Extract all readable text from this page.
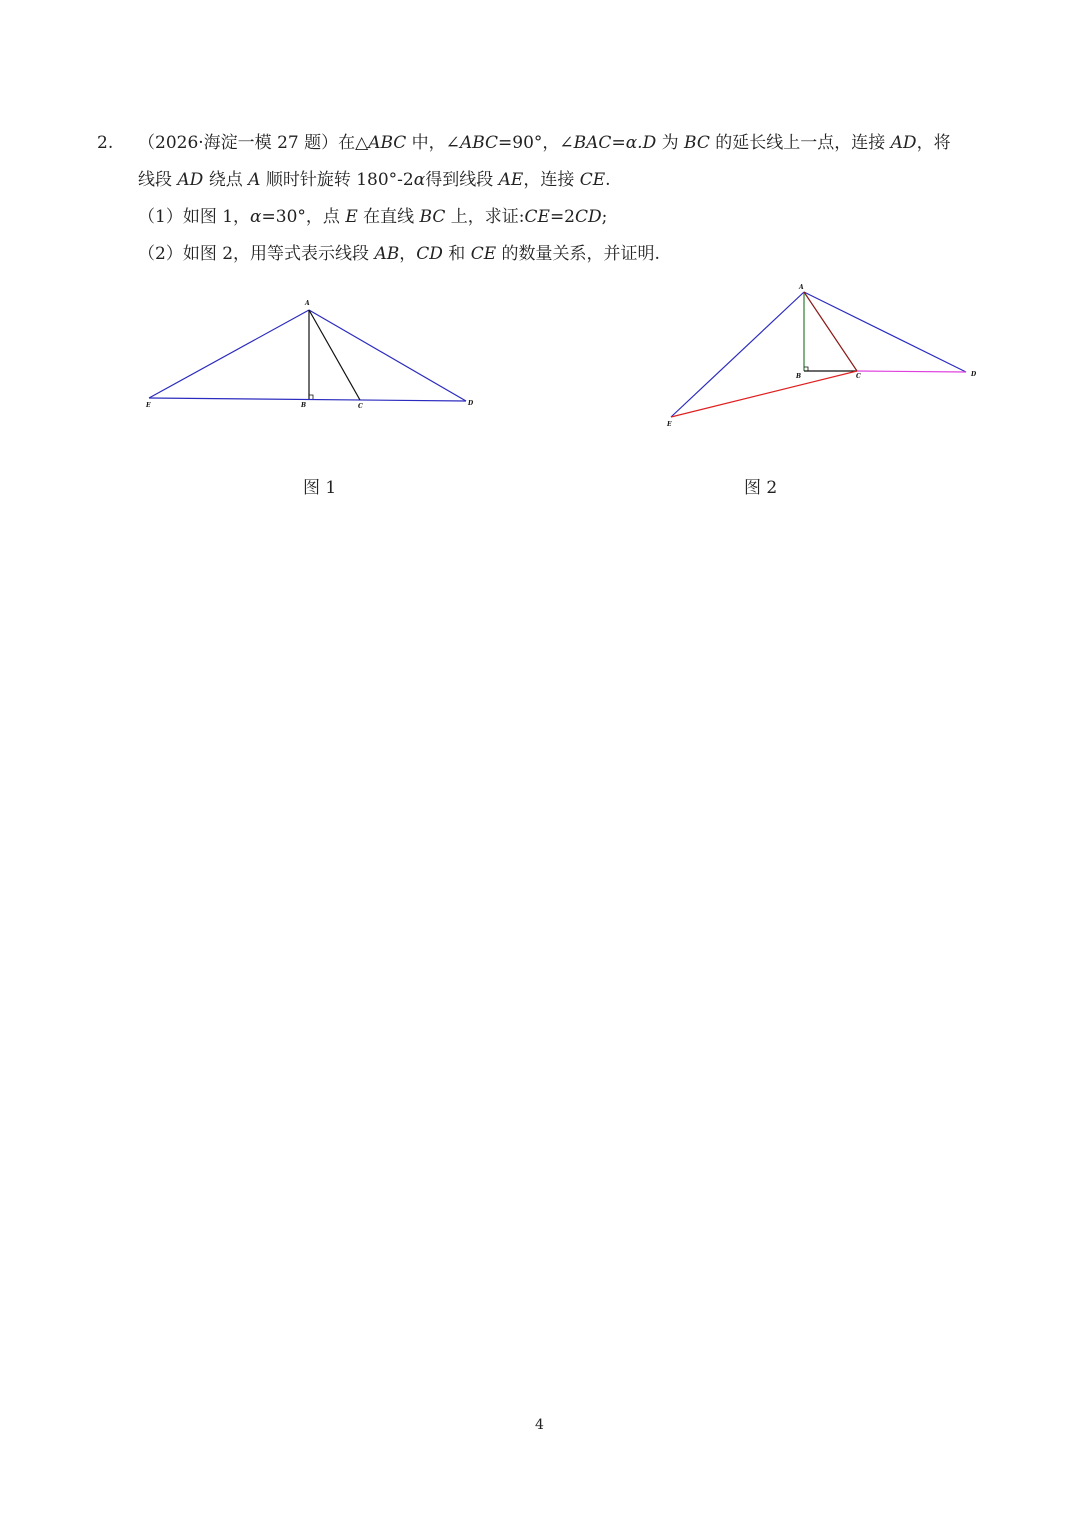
2. （2026·海淀一模 27 题）在△ABC 中，∠ABC=90°，∠BAC=α.D 为 BC 的延长线上一点，连接 AD，将
线段 AD 绕点 A 顺时针旋转 180°-2α得到线段 AE，连接 CE.
（1）如图 1，α=30°，点 E 在直线 BC 上，求证:CE=2CD;
（2）如图 2，用等式表示线段 AB，CD 和 CE 的数量关系，并证明.
A
B	C	D
E
A
B	C	D
E
图 1	图 2
4
